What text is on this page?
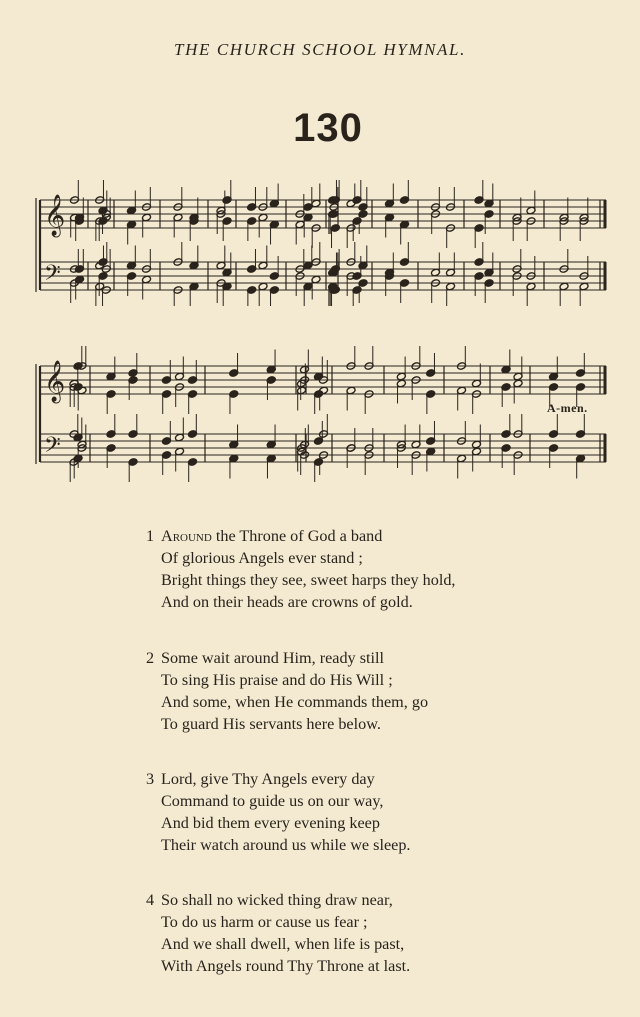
THE CHURCH SCHOOL HYMNAL.
130
𝄞
𝄢
𝄞
𝄢
A-men.
1 Around the Throne of God a band
Of glorious Angels ever stand ;
Bright things they see, sweet harps they hold,
And on their heads are crowns of gold.
2 Some wait around Him, ready still
To sing His praise and do His Will ;
And some, when He commands them, go
To guard His servants here below.
3 Lord, give Thy Angels every day
Command to guide us on our way,
And bid them every evening keep
Their watch around us while we sleep.
4 So shall no wicked thing draw near,
To do us harm or cause us fear ;
And we shall dwell, when life is past,
With Angels round Thy Throne at last.
